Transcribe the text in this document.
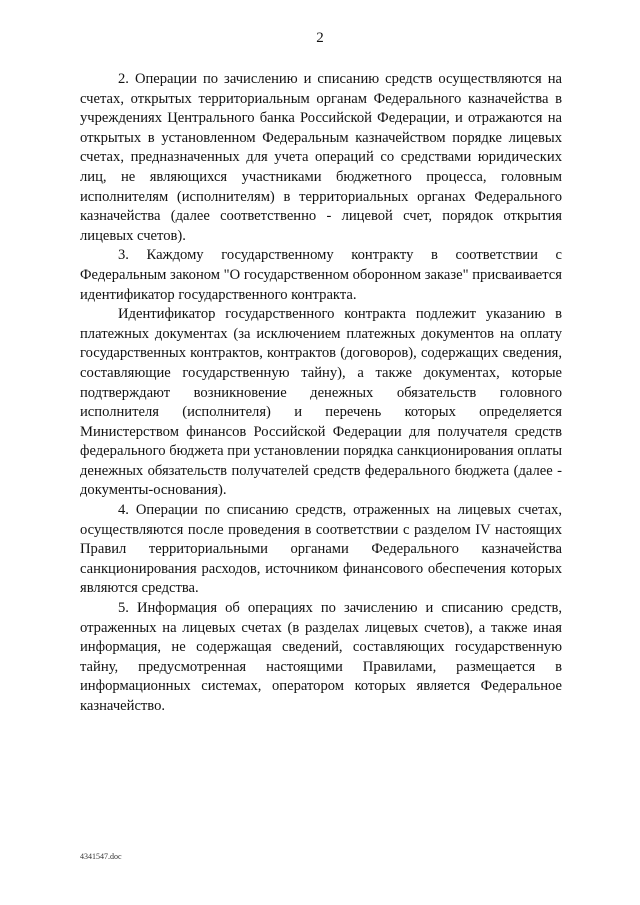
2

2. Операции по зачислению и списанию средств осуществляются на счетах, открытых территориальным органам Федерального казначейства в учреждениях Центрального банка Российской Федерации, и отражаются на открытых в установленном Федеральным казначейством порядке лицевых счетах, предназначенных для учета операций со средствами юридических лиц, не являющихся участниками бюджетного процесса, головным исполнителям (исполнителям) в территориальных органах Федерального казначейства (далее соответственно - лицевой счет, порядок открытия лицевых счетов).

3. Каждому государственному контракту в соответствии с Федеральным законом "О государственном оборонном заказе" присваивается идентификатор государственного контракта.

Идентификатор государственного контракта подлежит указанию в платежных документах (за исключением платежных документов на оплату государственных контрактов, контрактов (договоров), содержащих сведения, составляющие государственную тайну), а также документах, которые подтверждают возникновение денежных обязательств головного исполнителя (исполнителя) и перечень которых определяется Министерством финансов Российской Федерации для получателя средств федерального бюджета при установлении порядка санкционирования оплаты денежных обязательств получателей средств федерального бюджета (далее - документы-основания).

4. Операции по списанию средств, отраженных на лицевых счетах, осуществляются после проведения в соответствии с разделом IV настоящих Правил территориальными органами Федерального казначейства санкционирования расходов, источником финансового обеспечения которых являются средства.

5. Информация об операциях по зачислению и списанию средств, отраженных на лицевых счетах (в разделах лицевых счетов), а также иная информация, не содержащая сведений, составляющих государственную тайну, предусмотренная настоящими Правилами, размещается в информационных системах, оператором которых является Федеральное казначейство.

4341547.doc
